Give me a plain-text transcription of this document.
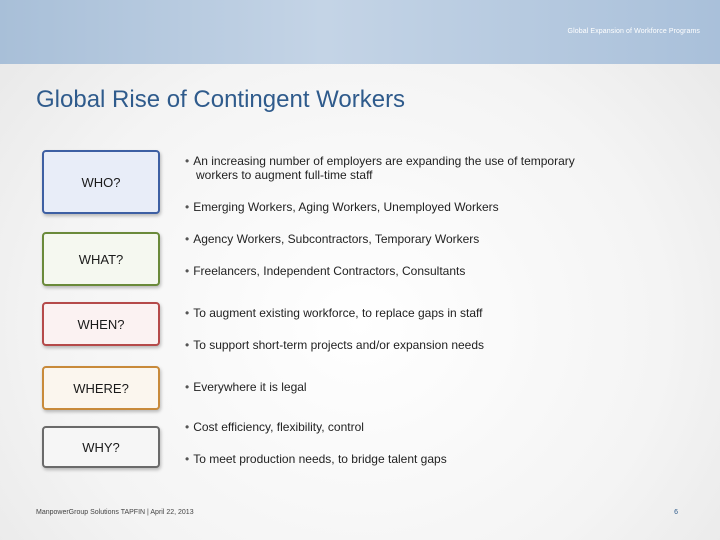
Global Expansion of Workforce Programs
Global Rise of Contingent Workers
WHO?
WHAT?
WHEN?
WHERE?
WHY?
• An increasing number of employers are expanding the use of temporary
workers to augment full-time staff
• Emerging Workers, Aging Workers, Unemployed Workers
• Agency Workers, Subcontractors, Temporary Workers
• Freelancers, Independent Contractors, Consultants
• To augment existing workforce, to replace gaps in staff
• To support short-term projects and/or expansion needs
• Everywhere it is legal
• Cost efficiency, flexibility, control
• To meet production needs, to bridge talent gaps
ManpowerGroup Solutions TAPFIN | April 22, 2013	6
